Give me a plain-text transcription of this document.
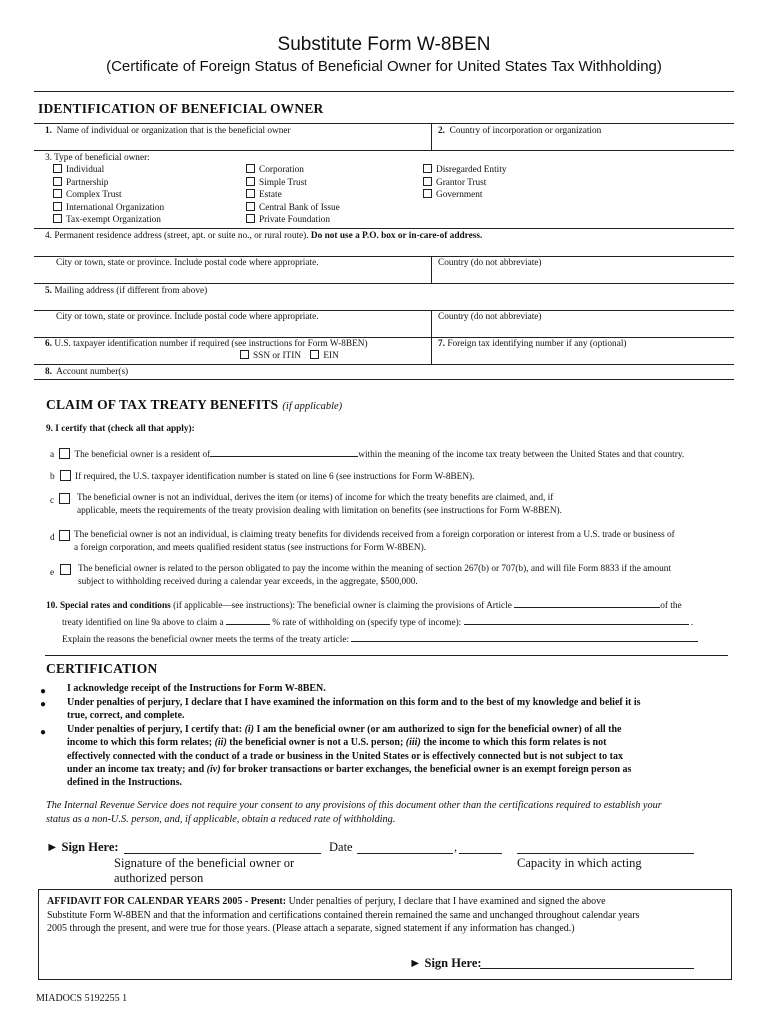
Substitute Form W-8BEN
(Certificate of Foreign Status of Beneficial Owner for United States Tax Withholding)
IDENTIFICATION OF BENEFICIAL OWNER
1. Name of individual or organization that is the beneficial owner	2. Country of incorporation or organization
3. Type of beneficial owner:
Individual
Partnership
Complex Trust
International Organization
Tax-exempt Organization
Corporation
Simple Trust
Estate
Central Bank of Issue
Private Foundation
Disregarded Entity
Grantor Trust
Government
4. Permanent residence address (street, apt. or suite no., or rural route). Do not use a P.O. box or in-care-of address.
City or town, state or province. Include postal code where appropriate.	Country (do not abbreviate)
5. Mailing address (if different from above)
City or town, state or province. Include postal code where appropriate.	Country (do not abbreviate)
6. U.S. taxpayer identification number if required (see instructions for Form W-8BEN)
SSN or ITIN EIN
7. Foreign tax identifying number if any (optional)
8. Account number(s)
CLAIM OF TAX TREATY BENEFITS (if applicable)
9. I certify that (check all that apply):
a The beneficial owner is a resident of	within the meaning of the income tax treaty between the United States and that country.
b If required, the U.S. taxpayer identification number is stated on line 6 (see instructions for Form W-8BEN).
c The beneficial owner is not an individual, derives the item (or items) of income for which the treaty benefits are claimed, and, if
applicable, meets the requirements of the treaty provision dealing with limitation on benefits (see instructions for Form W-8BEN).
d The beneficial owner is not an individual, is claiming treaty benefits for dividends received from a foreign corporation or interest from a U.S. trade or business of
a foreign corporation, and meets qualified resident status (see instructions for Form W-8BEN).
e	The beneficial owner is related to the person obligated to pay the income within the meaning of section 267(b) or 707(b), and will file Form 8833 if the amount
subject to withholding received during a calendar year exceeds, in the aggregate, $500,000.
10. Special rates and conditions (if applicable—see instructions): The beneficial owner is claiming the provisions of Article	of the
treaty identified on line 9a above to claim a	% rate of withholding on (specify type of income):	.
Explain the reasons the beneficial owner meets the terms of the treaty article:
CERTIFICATION
● I acknowledge receipt of the Instructions for Form W-8BEN.
● Under penalties of perjury, I declare that I have examined the information on this form and to the best of my knowledge and belief it is
true, correct, and complete.
● Under penalties of perjury, I certify that: (i) I am the beneficial owner (or am authorized to sign for the beneficial owner) of all the
income to which this form relates; (ii) the beneficial owner is not a U.S. person; (iii) the income to which this form relates is not
effectively connected with the conduct of a trade or business in the United States or is effectively connected but is not subject to tax
under an income tax treaty; and (iv) for broker transactions or barter exchanges, the beneficial owner is an exempt foreign person as
defined in the Instructions.
The Internal Revenue Service does not require your consent to any provisions of this document other than the certifications required to establish your
status as a non-U.S. person, and, if applicable, obtain a reduced rate of withholding.
► Sign Here:	Date	,
Signature of the beneficial owner or
authorized person
Capacity in which acting
AFFIDAVIT FOR CALENDAR YEARS 2005 - Present: Under penalties of perjury, I declare that I have examined and signed the above
Substitute Form W-8BEN and that the information and certifications contained therein remained the same and unchanged throughout calendar years
2005 through the present, and were true for those years. (Please attach a separate, signed statement if any information has changed.)
► Sign Here:
MIADOCS 5192255 1
